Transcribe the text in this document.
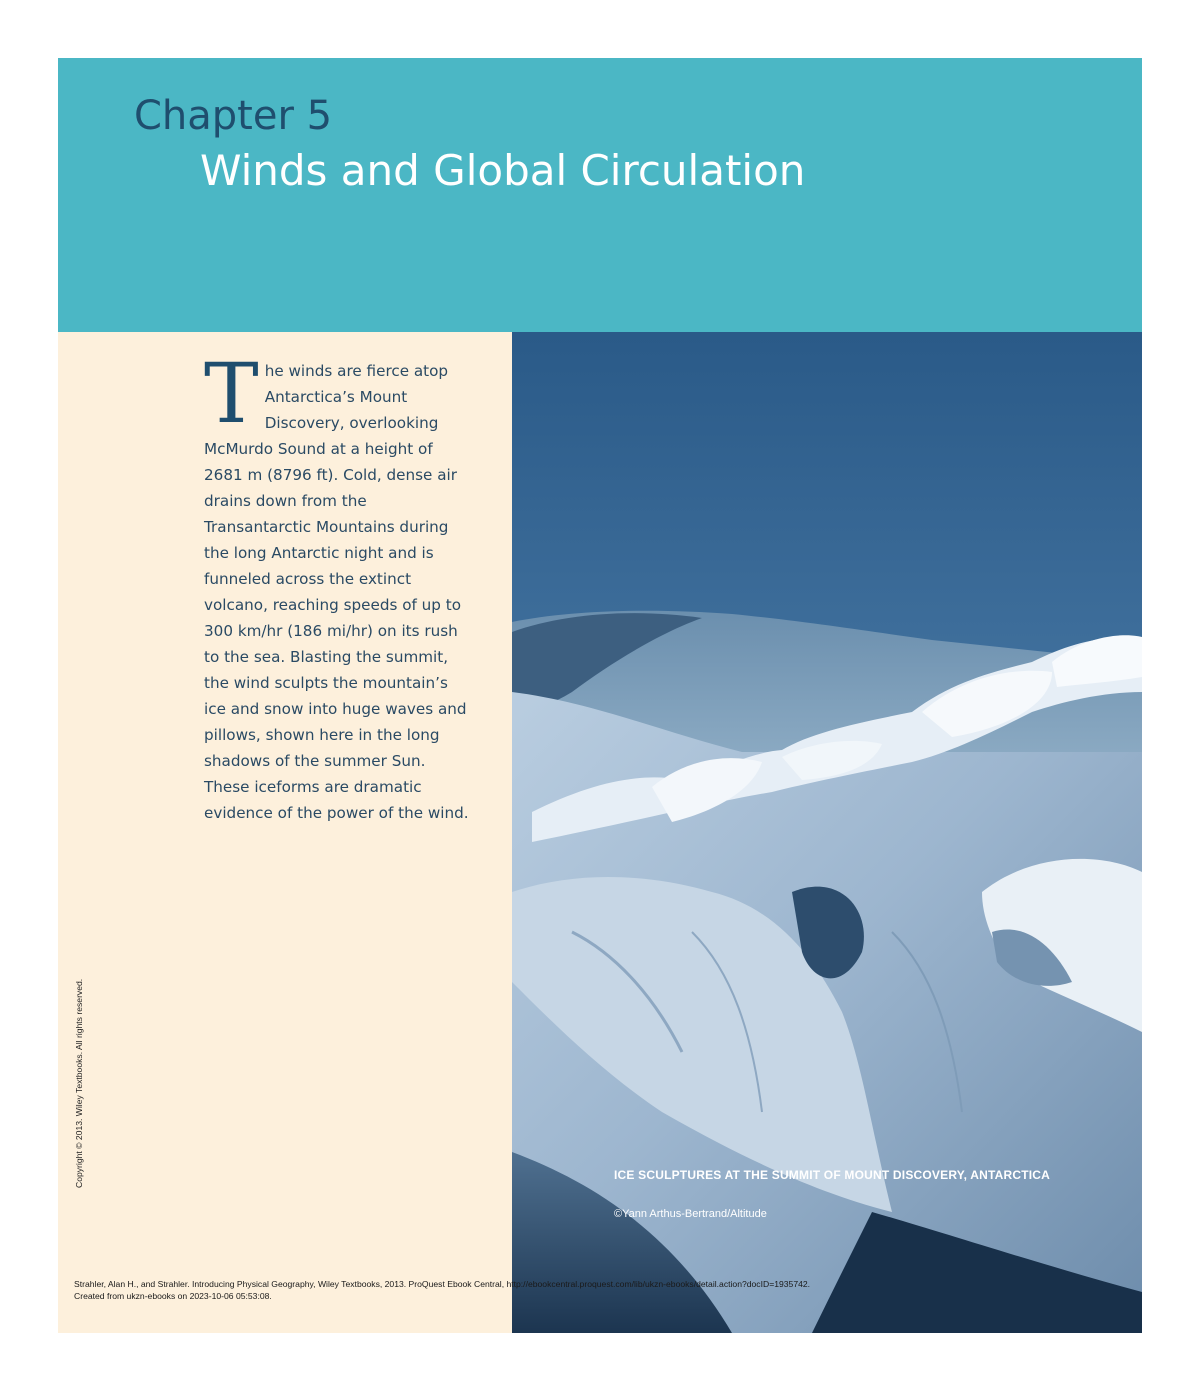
Chapter 5
Winds and Global Circulation

The winds are fierce atop Antarctica’s Mount Discovery, overlooking McMurdo Sound at a height of 2681 m (8796 ft). Cold, dense air drains down from the Transantarctic Mountains during the long Antarctic night and is funneled across the extinct volcano, reaching speeds of up to 300 km/hr (186 mi/hr) on its rush to the sea. Blasting the summit, the wind sculpts the mountain’s ice and snow into huge waves and pillows, shown here in the long shadows of the summer Sun. These iceforms are dramatic evidence of the power of the wind.

Copyright © 2013. Wiley Textbooks. All rights reserved.	ICE SCULPTURES AT THE SUMMIT OF MOUNT DISCOVERY, ANTARCTICA
©Yann Arthus-Bertrand/Altitude
Strahler, Alan H., and Strahler. Introducing Physical Geography, Wiley Textbooks, 2013. ProQuest Ebook Central, http://ebookcentral.proquest.com/lib/ukzn-ebooks/detail.action?docID=1935742.
Created from ukzn-ebooks on 2023-10-06 05:53:08.
